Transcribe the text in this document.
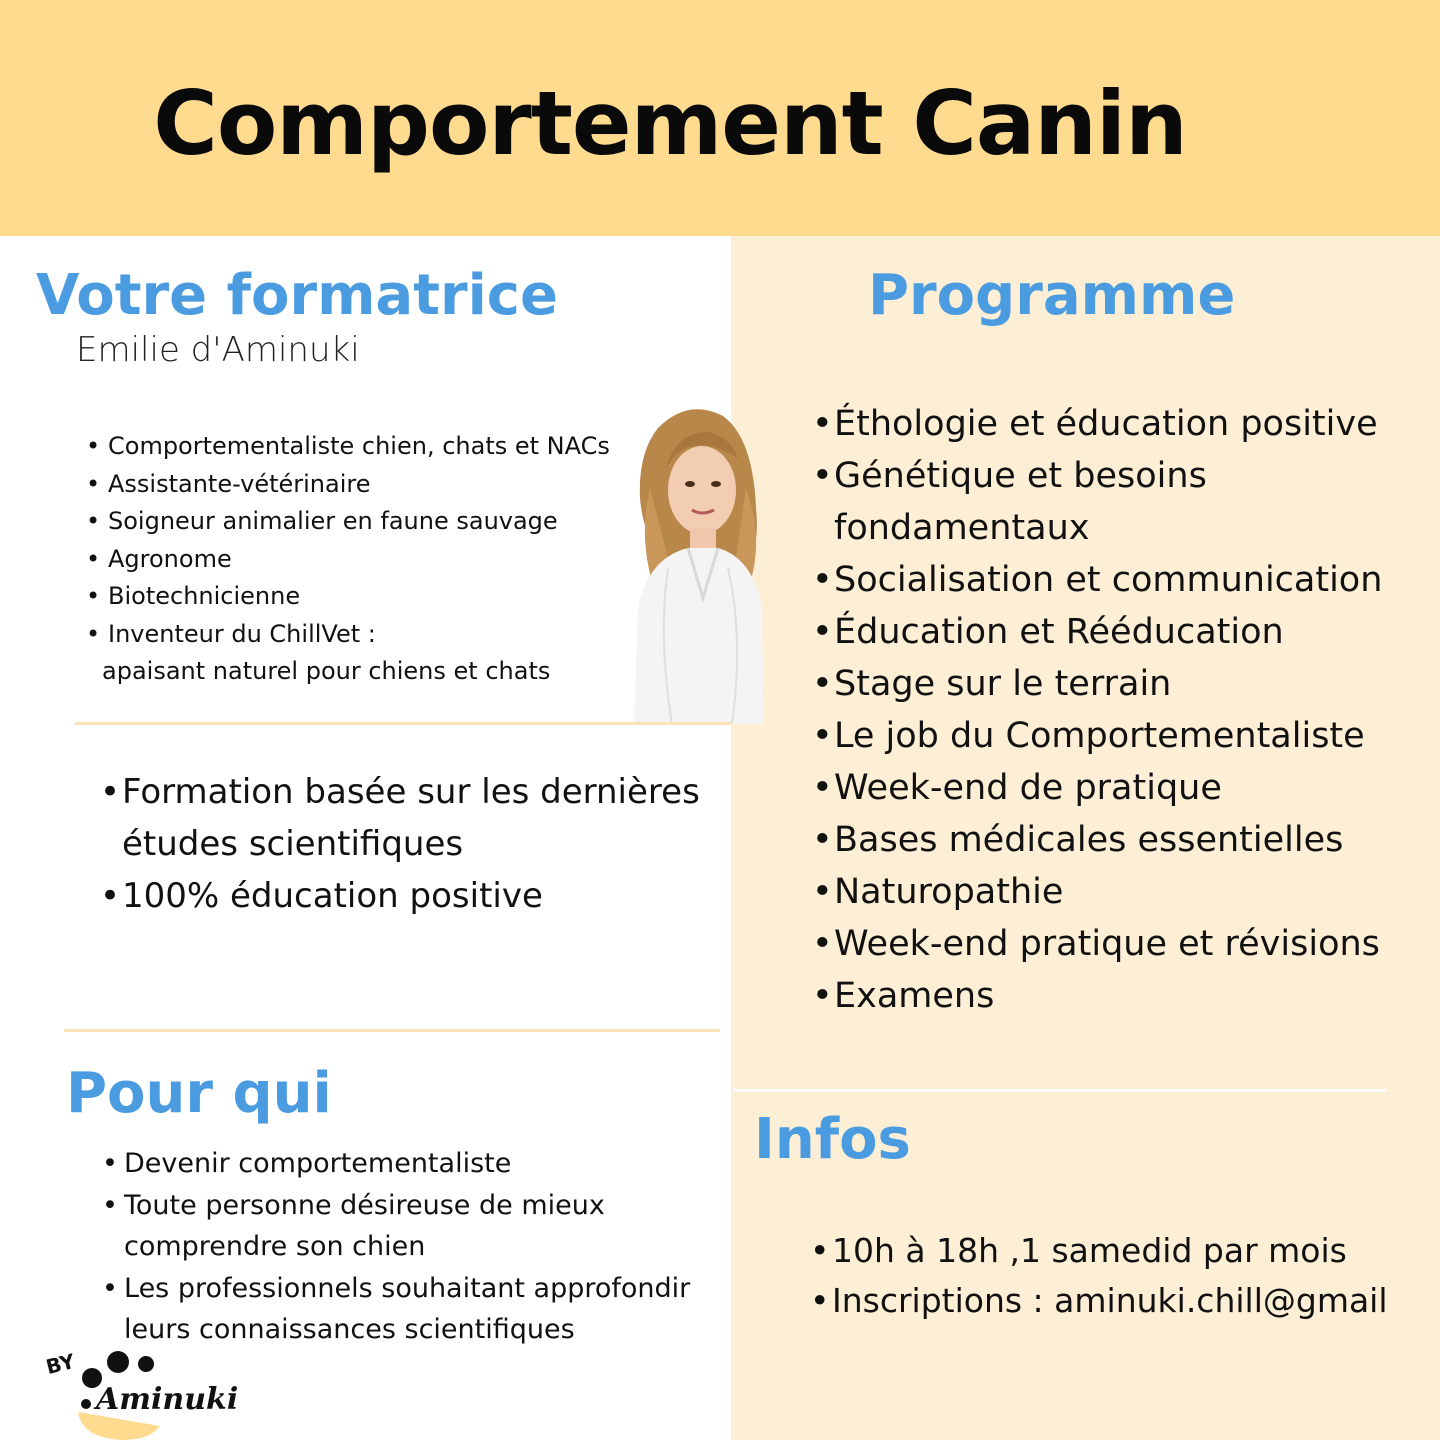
Comportement Canin
Votre formatrice
Emilie d'Aminuki
• Comportementaliste chien, chats et NACs
• Assistante-vétérinaire
• Soigneur animalier en faune sauvage
• Agronome
• Biotechnicienne
• Inventeur du ChillVet :
apaisant naturel pour chiens et chats
• Formation basée sur les dernières études scientifiques
• 100% éducation positive
Pour qui
• Devenir comportementaliste
• Toute personne désireuse de mieux comprendre son chien
• Les professionnels souhaitant approfondir leurs connaissances scientifiques
Programme
• Éthologie et éducation positive
• Génétique et besoins fondamentaux
• Socialisation et communication
• Éducation et Rééducation
• Stage sur le terrain
• Le job du Comportementaliste
• Week-end de pratique
• Bases médicales essentielles
• Naturopathie
• Week-end pratique et révisions
• Examens
Infos
• 10h à 18h ,1 samedid par mois
• Inscriptions : aminuki.chill@gmail
BY
Aminuki
